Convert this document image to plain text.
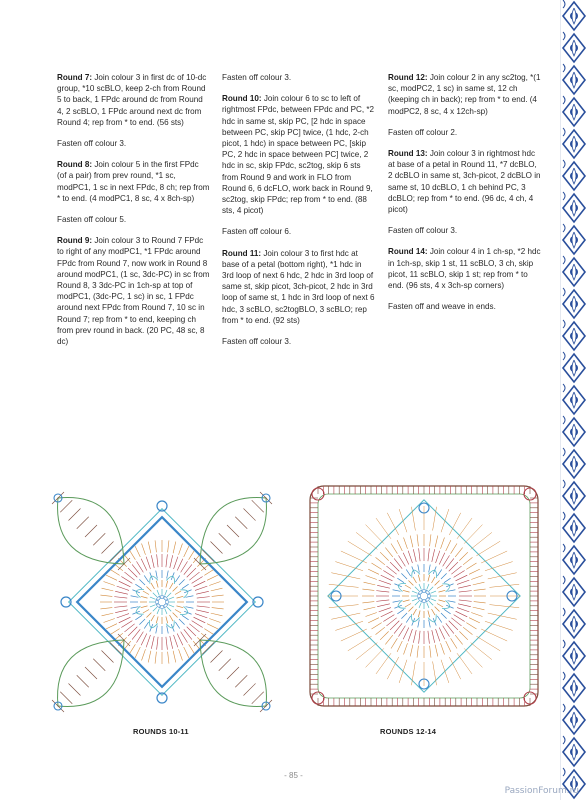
Round 7: Join colour 3 in first dc of 10-dc group, *10 scBLO, keep 2-ch from Round 5 to back, 1 FPdc around dc from Round 4, 2 scBLO, 1 FPdc around next dc from Round 4; rep from * to end. (56 sts)

Fasten off colour 3.

Round 8: Join colour 5 in the first FPdc (of a pair) from prev round, *1 sc, modPC1, 1 sc in next FPdc, 8 ch; rep from * to end. (4 modPC1, 8 sc, 4 x 8ch-sp)

Fasten off colour 5.

Round 9: Join colour 3 to Round 7 FPdc to right of any modPC1, *1 FPdc around FPdc from Round 7, now work in Round 8 around modPC1, (1 sc, 3dc-PC) in sc from Round 8, 3 3dc-PC in 1ch-sp at top of modPC1, (3dc-PC, 1 sc) in sc, 1 FPdc around next FPdc from Round 7, 10 sc in Round 7; rep from * to end, keeping ch from prev round in back. (20 PC, 48 sc, 8 dc)

Fasten off colour 3.

Round 10: Join colour 6 to sc to left of rightmost FPdc, between FPdc and PC, *2 hdc in same st, skip PC, [2 hdc in space between PC, skip PC] twice, (1 hdc, 2-ch picot, 1 hdc) in space between PC, [skip PC, 2 hdc in space between PC] twice, 2 hdc in sc, skip FPdc, sc2tog, skip 6 sts from Round 9 and work in FLO from Round 6, 6 dcFLO, work back in Round 9, sc2tog, skip FPdc; rep from * to end. (88 sts, 4 picot)

Fasten off colour 6.

Round 11: Join colour 3 to first hdc at base of a petal (bottom right), *1 hdc in 3rd loop of next 6 hdc, 2 hdc in 3rd loop of same st, skip picot, 3ch-picot, 2 hdc in 3rd loop of same st, 1 hdc in 3rd loop of next 6 hdc, 3 scBLO, sc2togBLO, 3 scBLO; rep from * to end. (92 sts)

Fasten off colour 3.

Round 12: Join colour 2 in any sc2tog, *(1 sc, modPC2, 1 sc) in same st, 12 ch (keeping ch in back); rep from * to end. (4 modPC2, 8 sc, 4 x 12ch-sp)

Fasten off colour 2.

Round 13: Join colour 3 in rightmost hdc at base of a petal in Round 11, *7 dcBLO, 2 dcBLO in same st, 3ch-picot, 2 dcBLO in same st, 10 dcBLO, 1 ch behind PC, 3 dcBLO; rep from * to end. (96 dc, 4 ch, 4 picot)

Fasten off colour 3.

Round 14: Join colour 4 in 1 ch-sp, *2 hdc in 1ch-sp, skip 1 st, 11 scBLO, 3 ch, skip picot, 11 scBLO, skip 1 st; rep from * to end. (96 sts, 4 x 3ch-sp corners)

Fasten off and weave in ends.

ROUNDS 10-11	ROUNDS 12-14
- 85 -
PassionForum.ru
